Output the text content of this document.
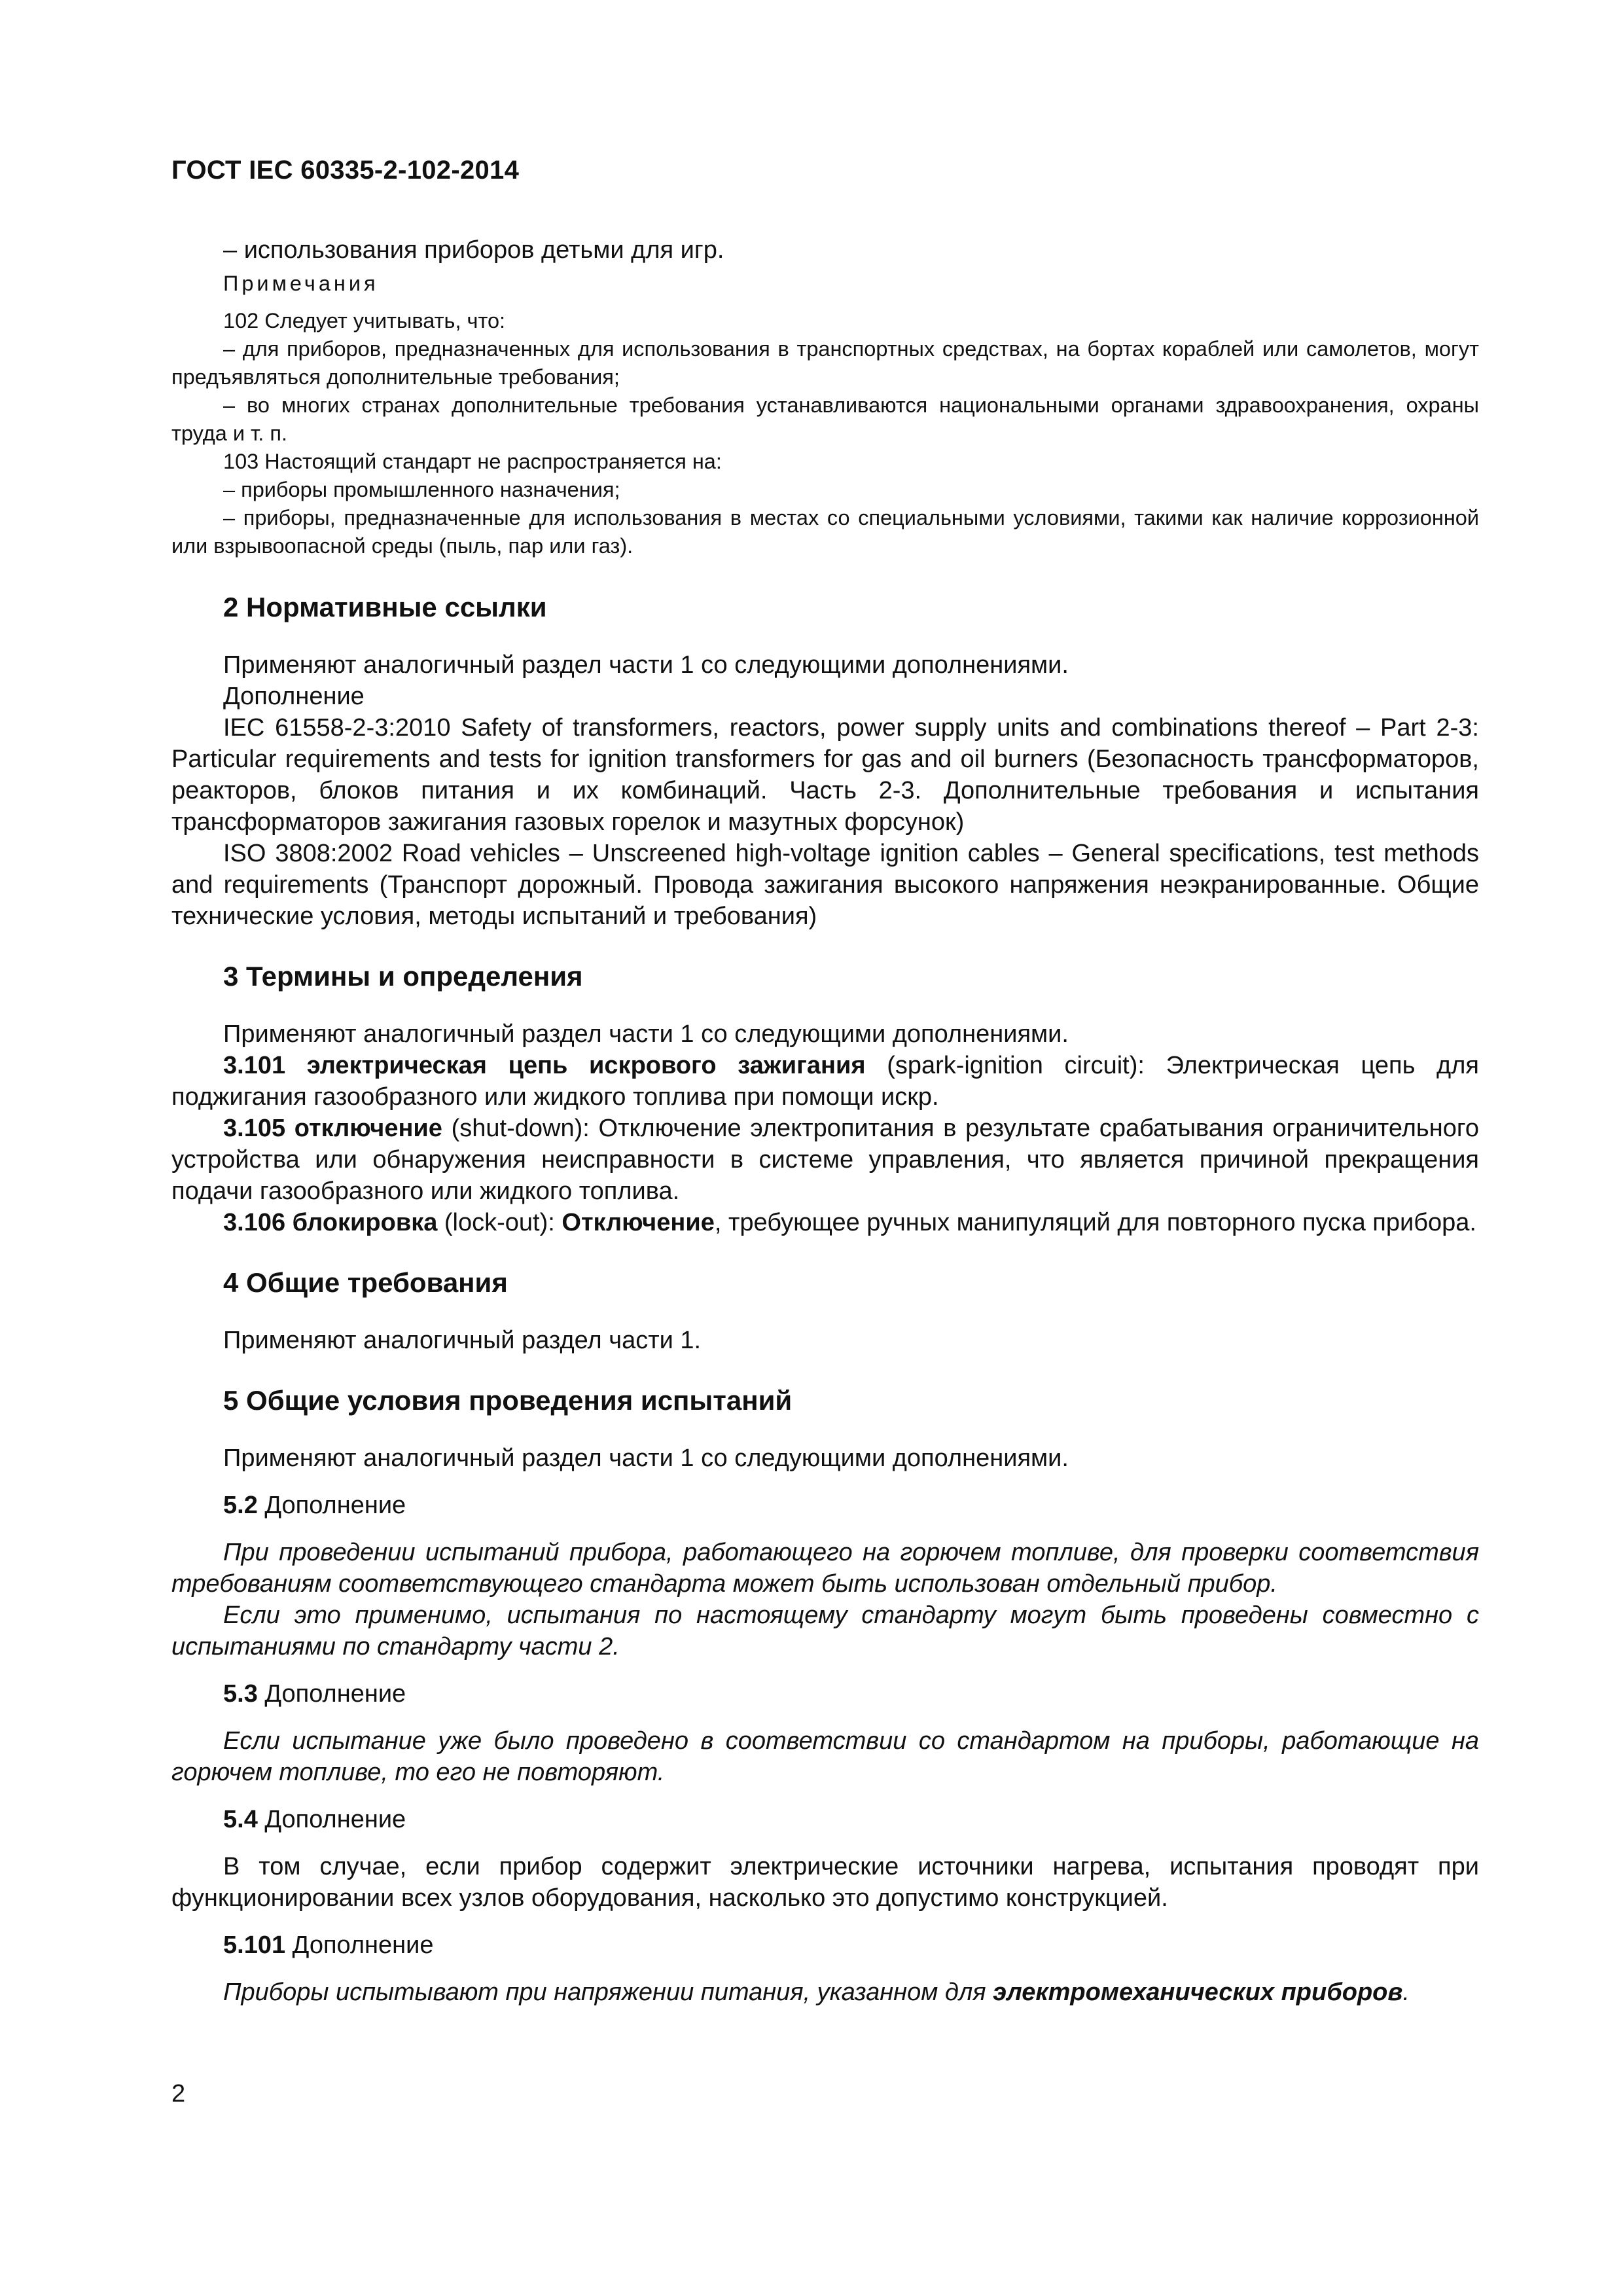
ГОСТ IEC 60335-2-102-2014

– использования приборов детьми для игр.

Примечания

102 Следует учитывать, что:

– для приборов, предназначенных для использования в транспортных средствах, на бортах кораблей или самолетов, могут предъявляться дополнительные требования;

– во многих странах дополнительные требования устанавливаются национальными органами здравоохранения, охраны труда и т. п.

103 Настоящий стандарт не распространяется на:

– приборы промышленного назначения;

– приборы, предназначенные для использования в местах со специальными условиями, такими как наличие коррозионной или взрывоопасной среды (пыль, пар или газ).

2 Нормативные ссылки

Применяют аналогичный раздел части 1 со следующими дополнениями.

Дополнение

IEC 61558-2-3:2010 Safety of transformers, reactors, power supply units and combinations thereof – Part 2-3: Particular requirements and tests for ignition transformers for gas and oil burners (Безопасность трансформаторов, реакторов, блоков питания и их комбинаций. Часть 2-3. Дополнительные требования и испытания трансформаторов зажигания газовых горелок и мазутных форсунок)

ISO 3808:2002 Road vehicles – Unscreened high-voltage ignition cables – General specifications, test methods and requirements (Транспорт дорожный. Провода зажигания высокого напряжения неэкранированные. Общие технические условия, методы испытаний и требования)

3 Термины и определения

Применяют аналогичный раздел части 1 со следующими дополнениями.

3.101 электрическая цепь искрового зажигания (spark-ignition circuit): Электрическая цепь для поджигания газообразного или жидкого топлива при помощи искр.

3.105 отключение (shut-down): Отключение электропитания в результате срабатывания ограничительного устройства или обнаружения неисправности в системе управления, что является причиной прекращения подачи газообразного или жидкого топлива.

3.106 блокировка (lock-out): Отключение, требующее ручных манипуляций для повторного пуска прибора.

4 Общие требования

Применяют аналогичный раздел части 1.

5 Общие условия проведения испытаний

Применяют аналогичный раздел части 1 со следующими дополнениями.

5.2 Дополнение

При проведении испытаний прибора, работающего на горючем топливе, для проверки соответствия требованиям соответствующего стандарта может быть использован отдельный прибор.

Если это применимо, испытания по настоящему стандарту могут быть проведены совместно с испытаниями по стандарту части 2.

5.3 Дополнение

Если испытание уже было проведено в соответствии со стандартом на приборы, работающие на горючем топливе, то его не повторяют.

5.4 Дополнение

В том случае, если прибор содержит электрические источники нагрева, испытания проводят при функционировании всех узлов оборудования, насколько это допустимо конструкцией.

5.101 Дополнение

Приборы испытывают при напряжении питания, указанном для электромеханических приборов.

2
